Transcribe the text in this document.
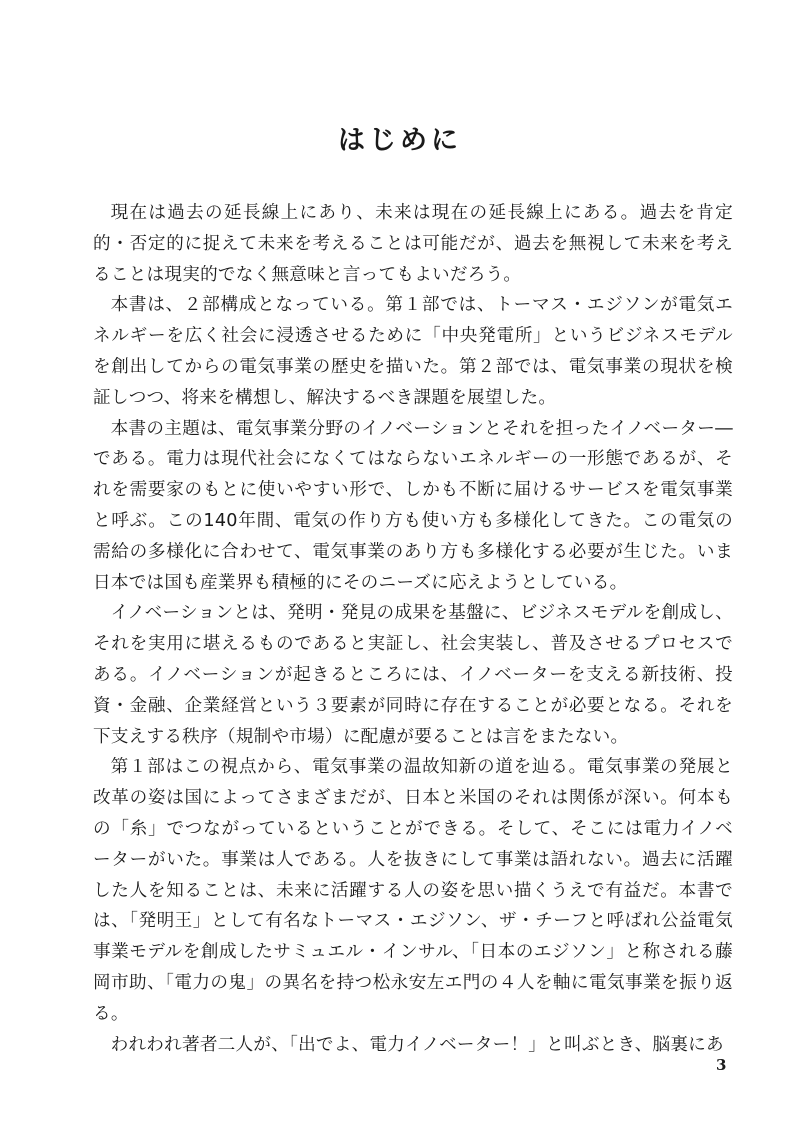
はじめに

現在は過去の延長線上にあり、未来は現在の延長線上にある。過去を肯定的・否定的に捉えて未来を考えることは可能だが、過去を無視して未来を考えることは現実的でなく無意味と言ってもよいだろう。

本書は、２部構成となっている。第１部では、トーマス・エジソンが電気エネルギーを広く社会に浸透させるために「中央発電所」というビジネスモデルを創出してからの電気事業の歴史を描いた。第２部では、電気事業の現状を検証しつつ、将来を構想し、解決するべき課題を展望した。

本書の主題は、電気事業分野のイノベーションとそれを担ったイノベーター―である。電力は現代社会になくてはならないエネルギーの一形態であるが、それを需要家のもとに使いやすい形で、しかも不断に届けるサービスを電気事業と呼ぶ。この140年間、電気の作り方も使い方も多様化してきた。この電気の需給の多様化に合わせて、電気事業のあり方も多様化する必要が生じた。いま日本では国も産業界も積極的にそのニーズに応えようとしている。

イノベーションとは、発明・発見の成果を基盤に、ビジネスモデルを創成し、それを実用に堪えるものであると実証し、社会実装し、普及させるプロセスである。イノベーションが起きるところには、イノベーターを支える新技術、投資・金融、企業経営という３要素が同時に存在することが必要となる。それを下支えする秩序（規制や市場）に配慮が要ることは言をまたない。

第１部はこの視点から、電気事業の温故知新の道を辿る。電気事業の発展と改革の姿は国によってさまざまだが、日本と米国のそれは関係が深い。何本もの「糸」でつながっているということができる。そして、そこには電力イノベーターがいた。事業は人である。人を抜きにして事業は語れない。過去に活躍した人を知ることは、未来に活躍する人の姿を思い描くうえで有益だ。本書では、「発明王」として有名なトーマス・エジソン、ザ・チーフと呼ばれ公益電気事業モデルを創成したサミュエル・インサル、「日本のエジソン」と称される藤岡市助、「電力の鬼」の異名を持つ松永安左エ門の４人を軸に電気事業を振り返る。

われわれ著者二人が、「出でよ、電力イノベーター！」と叫ぶとき、脳裏にあ

3
